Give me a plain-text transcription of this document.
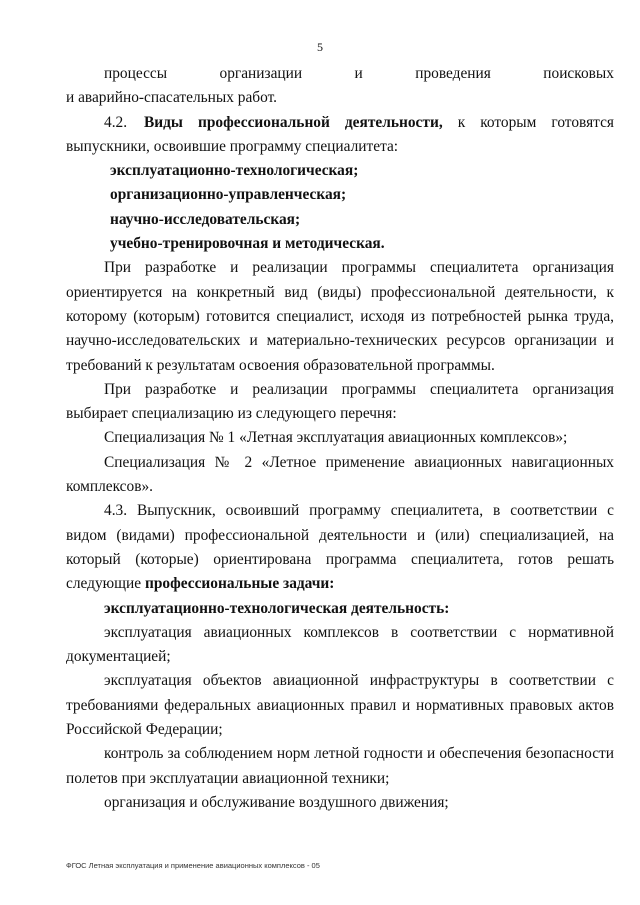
5

процессы	организации	и	проведения	поисковых

и аварийно-спасательных работ.

4.2.	Виды профессиональной деятельности, к которым готовятся

выпускники, освоившие программу специалитета:

эксплуатационно-технологическая;

организационно-управленческая;

научно-исследовательская;

учебно-тренировочная и методическая.

При разработке и реализации программы специалитета организация ориентируется на конкретный вид (виды) профессиональной деятельности, к которому (которым) готовится специалист, исходя из потребностей рынка труда, научно-исследовательских и материально-технических ресурсов организации и требований к результатам освоения образовательной программы.

При разработке и реализации программы специалитета организация выбирает специализацию из следующего перечня:

Специализация № 1 «Летная эксплуатация авиационных комплексов»;

Специализация № 2 «Летное применение авиационных навигационных комплексов».

4.3. Выпускник, освоивший программу специалитета, в соответствии с видом (видами) профессиональной деятельности и (или) специализацией, на который (которые) ориентирована программа специалитета, готов решать следующие профессиональные задачи:

эксплуатационно-технологическая деятельность:

эксплуатация авиационных комплексов в соответствии с нормативной документацией;

эксплуатация объектов авиационной инфраструктуры в соответствии с требованиями федеральных авиационных правил и нормативных правовых актов Российской Федерации;

контроль за соблюдением норм летной годности и обеспечения безопасности полетов при эксплуатации авиационной техники;

организация и обслуживание воздушного движения;

ФГОС Летная эксплуатация и применение авиационных комплексов - 05
